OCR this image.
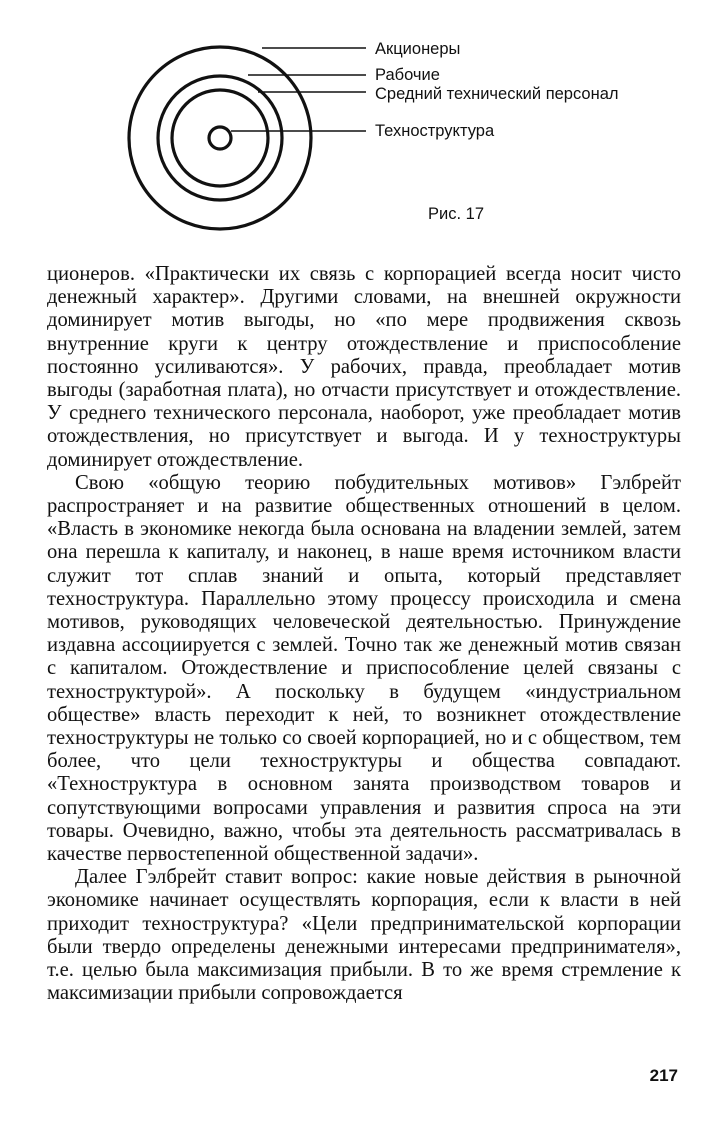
Акционеры
Рабочие
Средний технический персонал
Техноструктура
Рис. 17

ционеров. «Практически их связь с корпорацией всегда носит чисто денежный характер». Другими словами, на внешней окружности доминирует мотив выгоды, но «по мере продвижения сквозь внутренние круги к центру отождествление и приспособление постоянно усиливаются». У рабочих, правда, преобладает мотив выгоды (заработная плата), но отчасти присутствует и отождествление. У среднего технического персонала, наоборот, уже преобладает мотив отождествления, но присутствует и выгода. И у техноструктуры доминирует отождествление.

Свою «общую теорию побудительных мотивов» Гэлбрейт распространяет и на развитие общественных отношений в целом. «Власть в экономике некогда была основана на владении землей, затем она перешла к капиталу, и наконец, в наше время источником власти служит тот сплав знаний и опыта, который представляет техноструктура. Параллельно этому процессу происходила и смена мотивов, руководящих человеческой деятельностью. Принуждение издавна ассоциируется с землей. Точно так же денежный мотив связан с капиталом. Отождествление и приспособление целей связаны с техноструктурой». А поскольку в будущем «индустриальном обществе» власть переходит к ней, то возникнет отождествление техноструктуры не только со своей корпорацией, но и с обществом, тем более, что цели техноструктуры и общества совпадают. «Техноструктура в основном занята производством товаров и сопутствующими вопросами управления и развития спроса на эти товары. Очевидно, важно, чтобы эта деятельность рассматривалась в качестве первостепенной общественной задачи».

Далее Гэлбрейт ставит вопрос: какие новые действия в рыночной экономике начинает осуществлять корпорация, если к власти в ней приходит техноструктура? «Цели предпринимательской корпорации были твердо определены денежными интересами предпринимателя», т.е. целью была максимизация прибыли. В то же время стремление к максимизации прибыли сопровождается

217
